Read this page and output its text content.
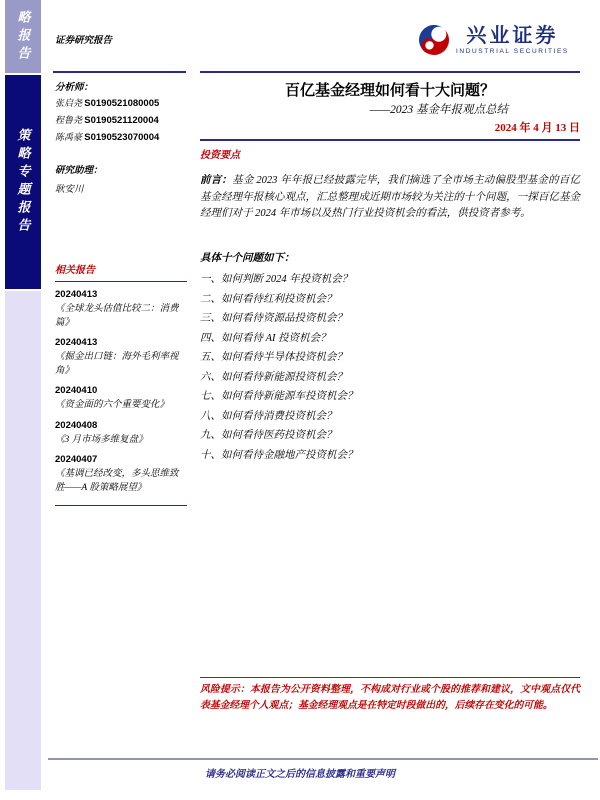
略报告
策略专题报告
证券研究报告
分析师：
张启尧 S0190521080005
程鲁尧 S0190521120004
陈禹豪 S0190523070004
研究助理：
耿安川
相关报告
20240413
《全球龙头估值比较二：消费篇》
20240413
《掘金出口链：海外毛利率视角》
20240410
《资金面的六个重要变化》
20240408
《3 月市场多维复盘》
20240407
《基调已经改变，多头思维致胜——A 股策略展望》
兴业证券
INDUSTRIAL SECURITIES
百亿基金经理如何看十大问题？
——2023 基金年报观点总结
2024 年 4 月 13 日
投资要点
前言：基金 2023 年年报已经披露完毕，我们摘选了全市场主动偏股型基金的百亿基金经理年报核心观点，汇总整理成近期市场较为关注的十个问题，一探百亿基金经理们对于 2024 年市场以及热门行业投资机会的看法，供投资者参考。
具体十个问题如下：
一、如何判断 2024 年投资机会？
二、如何看待红利投资机会？
三、如何看待资源品投资机会？
四、如何看待 AI 投资机会？
五、如何看待半导体投资机会？
六、如何看待新能源投资机会？
七、如何看待新能源车投资机会？
八、如何看待消费投资机会？
九、如何看待医药投资机会？
十、如何看待金融地产投资机会？
风险提示：本报告为公开资料整理，不构成对行业或个股的推荐和建议，文中观点仅代表基金经理个人观点；基金经理观点是在特定时段做出的，后续存在变化的可能。
请务必阅读正文之后的信息披露和重要声明
